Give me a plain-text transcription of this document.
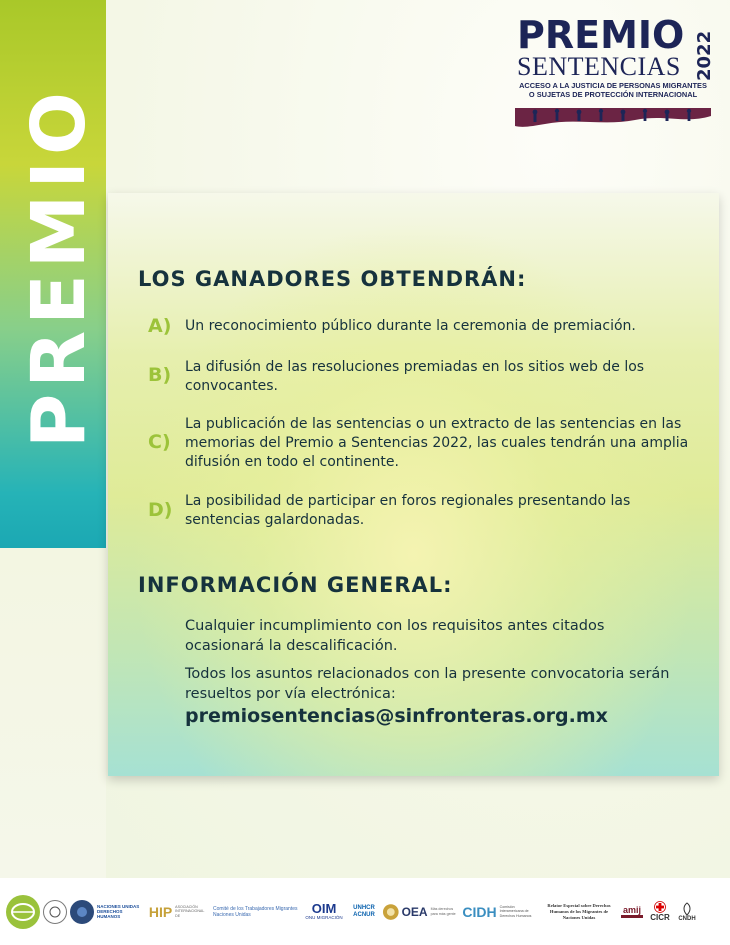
PREMIO
PREMIO
SENTENCIAS 2022
ACCESO A LA JUSTICIA DE PERSONAS MIGRANTES
O SUJETAS DE PROTECCIÓN INTERNACIONAL
LOS GANADORES OBTENDRÁN:
A) Un reconocimiento público durante la ceremonia de premiación.
B) La difusión de las resoluciones premiadas en los sitios web de los convocantes.
C)
La publicación de las sentencias o un extracto de las sentencias en las memorias del Premio a Sentencias 2022, las cuales tendrán una amplia difusión en todo el continente.
D) La posibilidad de participar en foros regionales presentando las sentencias galardonadas.
INFORMACIÓN GENERAL:
Cualquier incumplimiento con los requisitos antes citados ocasionará la descalificación.
Todos los asuntos relacionados con la presente convocatoria serán resueltos por vía electrónica:
premiosentencias@sinfronteras.org.mx
NACIONES UNIDAS DERECHOS HUMANOS	HIP ASOCIACIÓN INTERNACIONAL DE
Comité de los Trabajadores Migrantes Naciones Unidas	OIM
ONU MIGRACIÓN
UNHCR ACNUR	OEA Más derechos para más gente CIDH Comisión Interamericana de Derechos Humanos
Relator Especial sobre Derechos Humanos de los Migrantes de Naciones Unidas
amij
CICR CNDH
